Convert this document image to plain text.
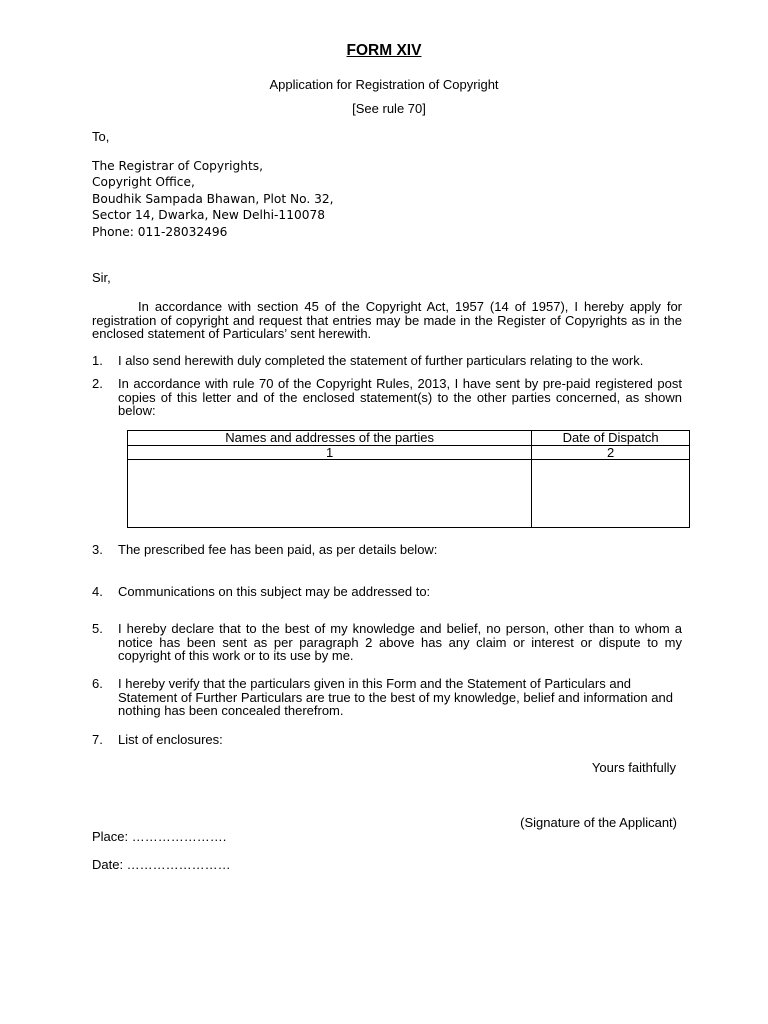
FORM XIV
Application for Registration of Copyright
[See rule 70]
To,
The Registrar of Copyrights,
Copyright Office,
Boudhik Sampada Bhawan, Plot No. 32,
Sector 14, Dwarka, New Delhi-110078
Phone: 011-28032496
Sir,
In accordance with section 45 of the Copyright Act, 1957 (14 of 1957), I hereby apply for registration of copyright and request that entries may be made in the Register of Copyrights as in the enclosed statement of Particulars’ sent herewith.
1. I also send herewith duly completed the statement of further particulars relating to the work.
2. In accordance with rule 70 of the Copyright Rules, 2013, I have sent by pre-paid registered post copies of this letter and of the enclosed statement(s) to the other parties concerned, as shown below:
Names and addresses of the parties	Date of Dispatch
1	2

3. The prescribed fee has been paid, as per details below:
4. Communications on this subject may be addressed to:
5. I hereby declare that to the best of my knowledge and belief, no person, other than to whom a notice has been sent as per paragraph 2 above has any claim or interest or dispute to my copyright of this work or to its use by me.
6. I hereby verify that the particulars given in this Form and the Statement of Particulars and Statement of Further Particulars are true to the best of my knowledge, belief and information and nothing has been concealed therefrom.
7. List of enclosures:
Yours faithfully
(Signature of the Applicant)
Place: ………………….
Date: ……………………
